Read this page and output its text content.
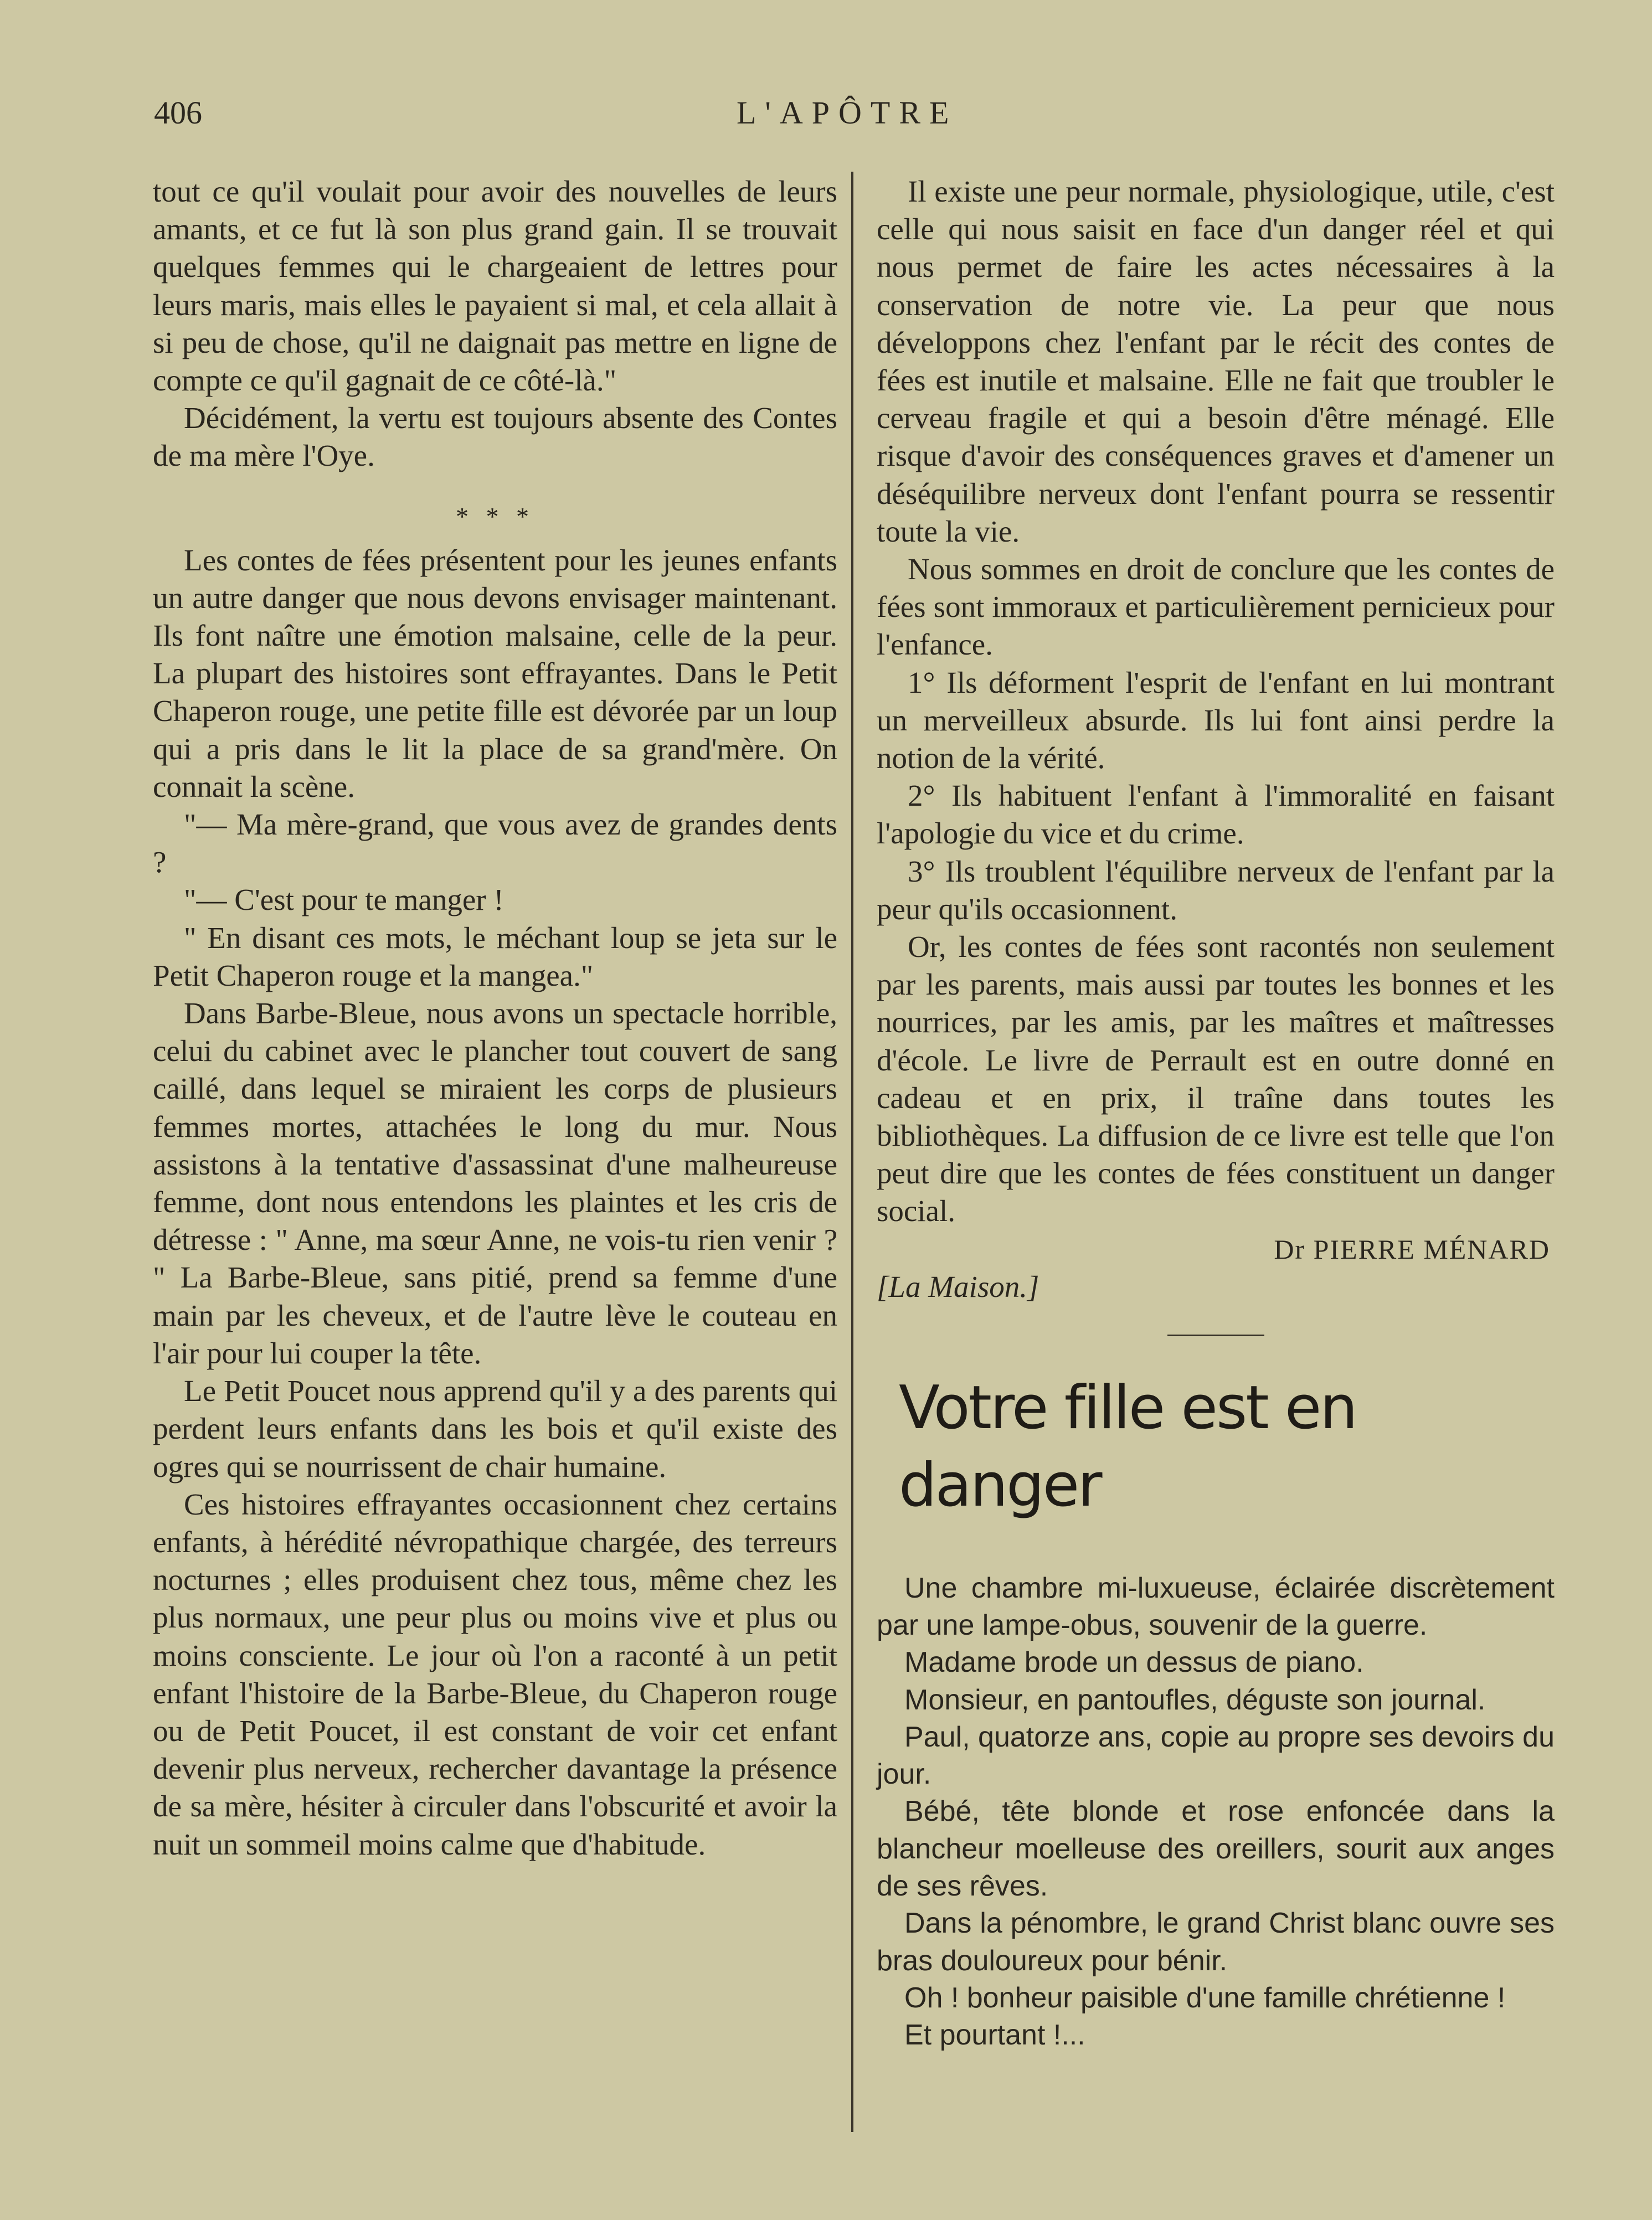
406	L'APÔTRE

tout ce qu'il voulait pour avoir des nouvelles de leurs amants, et ce fut là son plus grand gain. Il se trouvait quelques femmes qui le chargeaient de lettres pour leurs maris, mais elles le payaient si mal, et cela allait à si peu de chose, qu'il ne daignait pas mettre en ligne de compte ce qu'il gagnait de ce côté-là."

Décidément, la vertu est toujours absente des Contes de ma mère l'Oye.

* * *

Les contes de fées présentent pour les jeunes enfants un autre danger que nous devons envisager maintenant. Ils font naître une émotion malsaine, celle de la peur. La plupart des histoires sont effrayantes. Dans le Petit Chaperon rouge, une petite fille est dévorée par un loup qui a pris dans le lit la place de sa grand'mère. On connait la scène.

"— Ma mère-grand, que vous avez de grandes dents ?

"— C'est pour te manger !

" En disant ces mots, le méchant loup se jeta sur le Petit Chaperon rouge et la mangea."

Dans Barbe-Bleue, nous avons un spectacle horrible, celui du cabinet avec le plancher tout couvert de sang caillé, dans lequel se miraient les corps de plusieurs femmes mortes, attachées le long du mur. Nous assistons à la tentative d'assassinat d'une malheureuse femme, dont nous entendons les plaintes et les cris de détresse : " Anne, ma sœur Anne, ne vois-tu rien venir ? " La Barbe-Bleue, sans pitié, prend sa femme d'une main par les cheveux, et de l'autre lève le couteau en l'air pour lui couper la tête.

Le Petit Poucet nous apprend qu'il y a des parents qui perdent leurs enfants dans les bois et qu'il existe des ogres qui se nourrissent de chair humaine.

Ces histoires effrayantes occasionnent chez certains enfants, à hérédité névropathique chargée, des terreurs nocturnes ; elles produisent chez tous, même chez les plus normaux, une peur plus ou moins vive et plus ou moins consciente. Le jour où l'on a raconté à un petit enfant l'histoire de la Barbe-Bleue, du Chaperon rouge ou de Petit Poucet, il est constant de voir cet enfant devenir plus nerveux, rechercher davantage la présence de sa mère, hésiter à circuler dans l'obscurité et avoir la nuit un sommeil moins calme que d'habitude.

Il existe une peur normale, physiologique, utile, c'est celle qui nous saisit en face d'un danger réel et qui nous permet de faire les actes nécessaires à la conservation de notre vie. La peur que nous développons chez l'enfant par le récit des contes de fées est inutile et malsaine. Elle ne fait que troubler le cerveau fragile et qui a besoin d'être ménagé. Elle risque d'avoir des conséquences graves et d'amener un déséquilibre nerveux dont l'enfant pourra se ressentir toute la vie.

Nous sommes en droit de conclure que les contes de fées sont immoraux et particulièrement pernicieux pour l'enfance.

1° Ils déforment l'esprit de l'enfant en lui montrant un merveilleux absurde. Ils lui font ainsi perdre la notion de la vérité.

2° Ils habituent l'enfant à l'immoralité en faisant l'apologie du vice et du crime.

3° Ils troublent l'équilibre nerveux de l'enfant par la peur qu'ils occasionnent.

Or, les contes de fées sont racontés non seulement par les parents, mais aussi par toutes les bonnes et les nourrices, par les amis, par les maîtres et maîtresses d'école. Le livre de Perrault est en outre donné en cadeau et en prix, il traîne dans toutes les bibliothèques. La diffusion de ce livre est telle que l'on peut dire que les contes de fées constituent un danger social.

Dr PIERRE MÉNARD
[La Maison.]
Votre fille est en danger

Une chambre mi-luxueuse, éclairée discrètement par une lampe-obus, souvenir de la guerre.

Madame brode un dessus de piano.

Monsieur, en pantoufles, déguste son journal.

Paul, quatorze ans, copie au propre ses devoirs du jour.

Bébé, tête blonde et rose enfoncée dans la blancheur moelleuse des oreillers, sourit aux anges de ses rêves.

Dans la pénombre, le grand Christ blanc ouvre ses bras douloureux pour bénir.

Oh ! bonheur paisible d'une famille chrétienne !

Et pourtant !...
